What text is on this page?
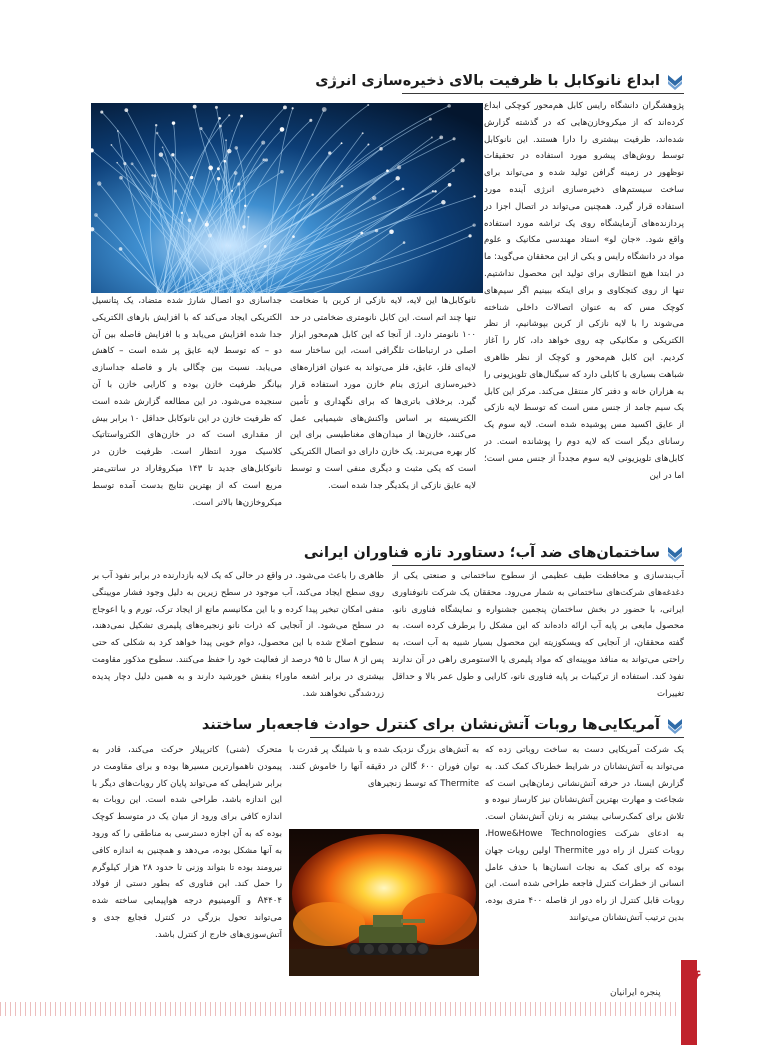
ابداع نانوکابل با ظرفیت بالای ذخیره‌سازی انرژی

پژوهشگران دانشگاه رایس کابل هم‌محور کوچکی ابداع کرده‌اند که از میکروخازن‌هایی که در گذشته گزارش شده‌اند، ظرفیت بیشتری را دارا هستند. این نانوکابل توسط روش‌های پیشرو مورد استفاده در تحقیقات نوظهور در زمینه گرافن تولید شده و می‌تواند برای ساخت سیستم‌های ذخیره‌سازی انرژی آینده مورد استفاده قرار گیرد. همچنین می‌تواند در اتصال اجزا در پردازنده‌های آزمایشگاه روی یک تراشه مورد استفاده واقع شود. «جان لو» استاد مهندسی مکانیک و علوم مواد در دانشگاه رایس و یکی از این محققان می‌گوید: ما در ابتدا هیچ انتظاری برای تولید این محصول نداشتیم. تنها از روی کنجکاوی و برای اینکه ببینیم اگر سیم‌های کوچک مس که به عنوان اتصالات داخلی شناخته می‌شوند را با لایه نازکی از کربن بپوشانیم، از نظر الکتریکی و مکانیکی چه روی خواهد داد، کار را آغاز کردیم. این کابل هم‌محور و کوچک از نظر ظاهری شباهت بسیاری با کابلی دارد که سیگنال‌های تلویزیونی را به هزاران خانه و دفتر کار منتقل می‌کند. مرکز این کابل یک سیم جامد از جنس مس است که توسط لایه نازکی از عایق اکسید مس پوشیده شده است. لایه سوم یک رسانای دیگر است که لایه دوم را پوشانده است. در کابل‌های تلویزیونی لایه سوم مجدداً از جنس مس است؛ اما در این

نانوکابل‌ها این لایه، لایه نازکی از کربن با ضخامت تنها چند اتم است. این کابل نانومتری ضخامتی در حد ۱۰۰ نانومتر دارد. از آنجا که این کابل هم‌محور ابزار اصلی در ارتباطات تلگرافی است، این ساختار سه لایه‌ای فلز، عایق، فلز می‌تواند به عنوان افزاره‌های ذخیره‌سازی انرژی بنام خازن مورد استفاده قرار گیرد. برخلاف باتری‌ها که برای نگهداری و تأمین الکتریسیته بر اساس واکنش‌های شیمیایی عمل می‌کنند، خازن‌ها از میدان‌های مغناطیسی برای این کار بهره می‌برند. یک خازن دارای دو اتصال الکتریکی است که یکی مثبت و دیگری منفی است و توسط لایه عایق نازکی از یکدیگر جدا شده است.

جداسازی دو اتصال شارژ شده متضاد، یک پتانسیل الکتریکی ایجاد می‌کند که با افزایش بارهای الکتریکی جدا شده افزایش می‌یابد و با افزایش فاصله بین آن دو – که توسط لایه عایق پر شده است – کاهش می‌یابد. نسبت بین چگالی بار و فاصله جداسازی بیانگر ظرفیت خازن بوده و کارایی خازن با آن سنجیده می‌شود. در این مطالعه گزارش شده است که ظرفیت خازن در این نانوکابل حداقل ۱۰ برابر بیش از مقداری است که در خازن‌های الکترواستاتیک کلاسیک مورد انتظار است. ظرفیت خازن در نانوکابل‌های جدید تا ۱۴۳ میکروفاراد در سانتی‌متر مربع است که از بهترین نتایج بدست آمده توسط میکروخازن‌ها بالاتر است.

ساختمان‌های ضد آب؛ دستاورد تازه فناوران ایرانی

آب‌بندسازی و محافظت طیف عظیمی از سطوح ساختمانی و صنعتی یکی از دغدغه‌های شرکت‌های ساختمانی به شمار می‌رود. محققان یک شرکت نانوفناوری ایرانی، با حضور در بخش ساختمان پنجمین جشنواره و نمایشگاه فناوری نانو، محصول مایعی بر پایه آب ارائه داده‌اند که این مشکل را برطرف کرده است. به گفته محققان، از آنجایی که ویسکوزیته این محصول بسیار شبیه به آب است، به راحتی می‌تواند به منافذ مویینه‌ای که مواد پلیمری یا الاستومری راهی در آن ندارند نفوذ کند. استفاده از ترکیبات بر پایه فناوری نانو، کارایی و طول عمر بالا و حداقل تغییرات

ظاهری را باعث می‌شود. در واقع در حالی که یک لایه بازدارنده در برابر نفوذ آب بر روی سطح ایجاد می‌کند، آب موجود در سطح زیرین به دلیل وجود فشار مویینگی منفی امکان تبخیر پیدا کرده و با این مکانیسم مانع از ایجاد ترک، تورم و یا اعوجاج در سطح می‌شود. از آنجایی که ذرات نانو زنجیره‌های پلیمری تشکیل نمی‌دهند، سطوح اصلاح شده با این محصول، دوام خوبی پیدا خواهد کرد به شکلی که حتی پس از ۸ سال تا ۹۵ درصد از فعالیت خود را حفظ می‌کنند. سطوح مذکور مقاومت بیشتری در برابر اشعه ماوراء بنفش خورشید دارند و به همین دلیل دچار پدیده زردشدگی نخواهند شد.

آمریکایی‌ها روبات آتش‌نشان برای کنترل حوادث فاجعه‌بار ساختند

یک شرکت آمریکایی دست به ساخت روباتی زده که می‌تواند به آتش‌نشانان در شرایط خطرناک کمک کند. به گزارش ایسنا، در حرفه آتش‌نشانی زمان‌هایی است که شجاعت و مهارت بهترین آتش‌نشانان نیز کارساز نبوده و تلاش برای کمک‌رسانی بیشتر به زنان آتش‌نشان است. به ادعای شرکت Howe&Howe Technologies، روبات کنترل از راه دور Thermite اولین روبات جهان بوده که برای کمک به نجات انسان‌ها با حذف عامل انسانی از خطرات کنترل فاجعه طراحی شده است. این روبات قابل کنترل از راه دور از فاصله ۴۰۰ متری بوده، بدین ترتیب آتش‌نشانان می‌توانند

به آتش‌های بزرگ نزدیک شده و با شیلنگ پر قدرت با توان فوران ۶۰۰ گالن در دقیقه آنها را خاموش کنند. Thermite که توسط زنجیرهای

متحرک (شنی) کاترپیلار حرکت می‌کند، قادر به پیمودن ناهموارترین مسیرها بوده و برای مقاومت در برابر شرایطی که می‌تواند پایان کار روبات‌های دیگر با این اندازه باشد، طراحی شده است. این روبات به اندازه کافی برای ورود از میان یک در متوسط کوچک بوده که به آن اجازه دسترسی به مناطقی را که ورود به آنها مشکل بوده، می‌دهد و همچنین به اندازه کافی نیرومند بوده تا بتواند وزنی تا حدود ۲۸ هزار کیلوگرم را حمل کند. این فناوری که بطور دستی از فولاد A۴۴۰۴ و آلومینیوم درجه هواپیمایی ساخته شده می‌تواند تحول بزرگی در کنترل فجایع جدی و آتش‌سوزی‌های خارج از کنترل باشد.

۴۶
پنجره ایرانیان
